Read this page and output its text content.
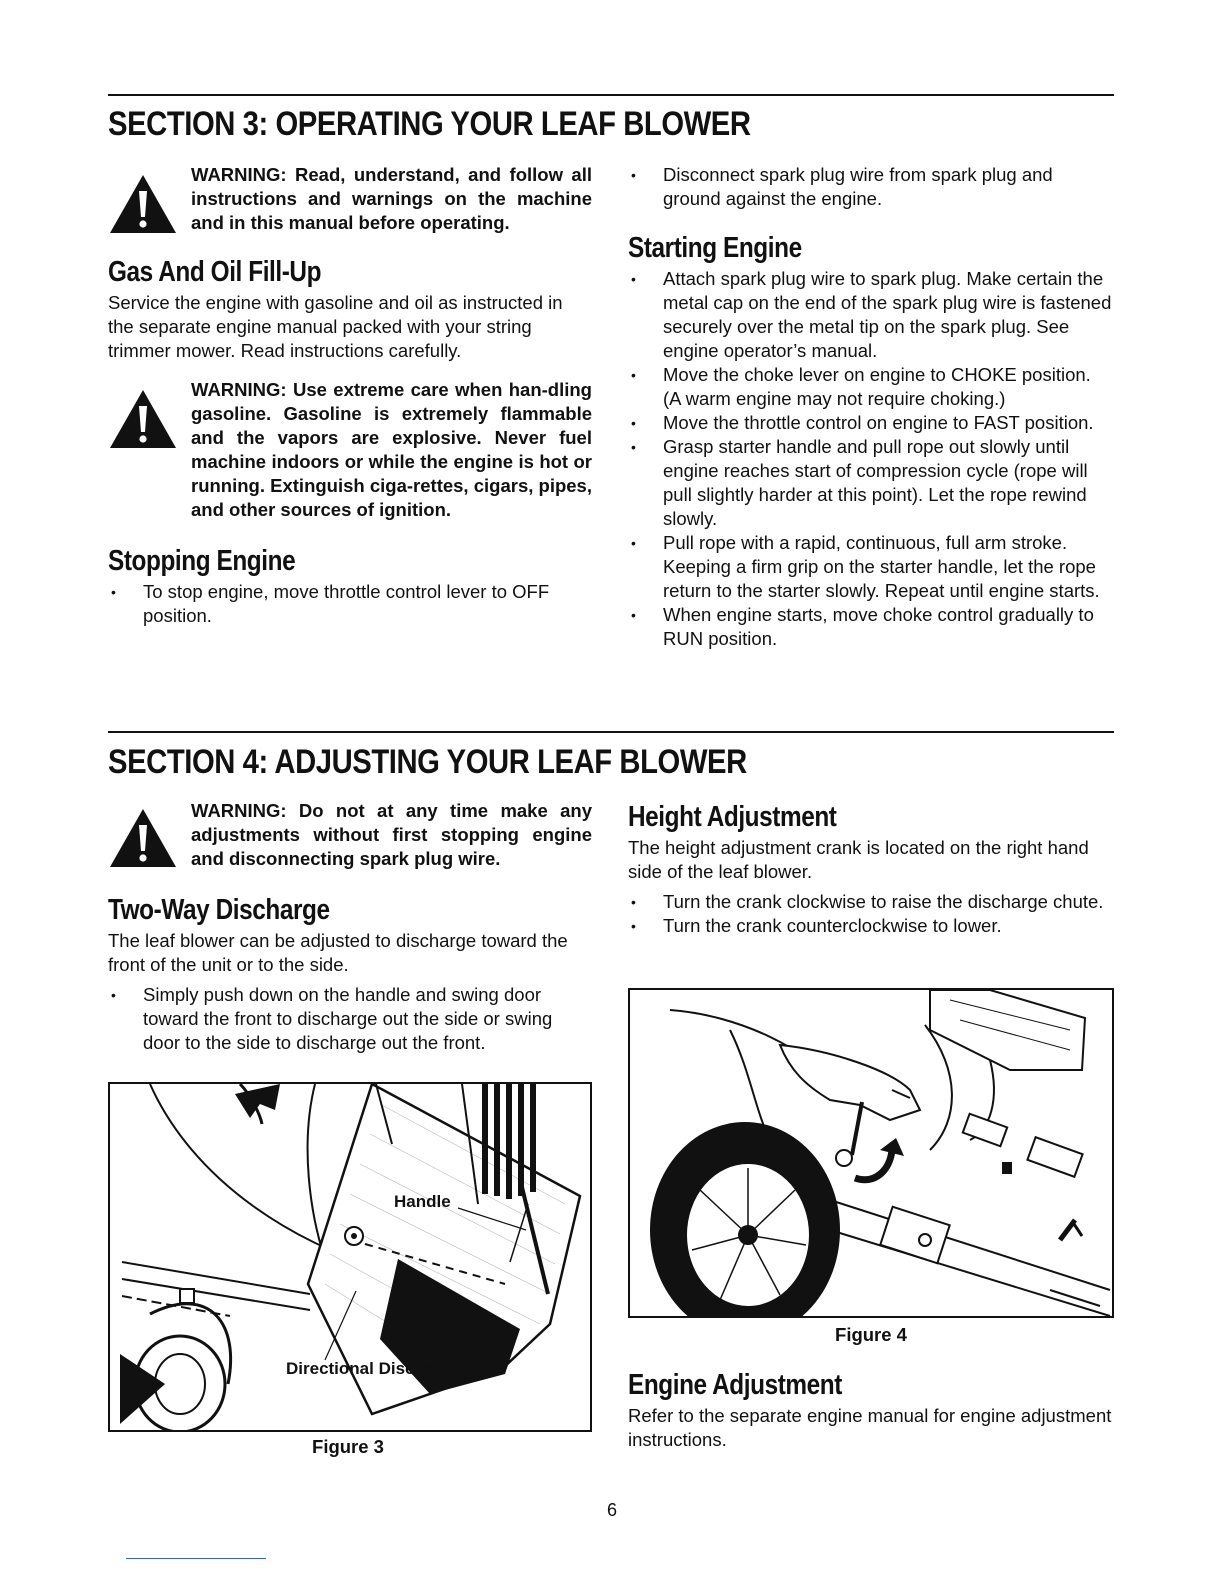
SECTION 3: OPERATING YOUR LEAF BLOWER

WARNING: Read, understand, and follow all instructions and warnings on the machine and in this manual before operating.

Gas And Oil Fill-Up

Service the engine with gasoline and oil as instructed in the separate engine manual packed with your string trimmer mower. Read instructions carefully.

WARNING: Use extreme care when han-dling gasoline. Gasoline is extremely flammable and the vapors are explosive. Never fuel machine indoors or while the engine is hot or running. Extinguish ciga-rettes, cigars, pipes, and other sources of ignition.

Stopping Engine
• To stop engine, move throttle control lever to OFF position.
• Disconnect spark plug wire from spark plug and ground against the engine.
Starting Engine
• Attach spark plug wire to spark plug. Make certain the metal cap on the end of the spark plug wire is fastened securely over the metal tip on the spark plug. See engine operator’s manual.
• Move the choke lever on engine to CHOKE position. (A warm engine may not require choking.)
• Move the throttle control on engine to FAST position.
• Grasp starter handle and pull rope out slowly until engine reaches start of compression cycle (rope will pull slightly harder at this point). Let the rope rewind slowly.
• Pull rope with a rapid, continuous, full arm stroke. Keeping a firm grip on the starter handle, let the rope return to the starter slowly. Repeat until engine starts.
• When engine starts, move choke control gradually to RUN position.
SECTION 4: ADJUSTING YOUR LEAF BLOWER

WARNING: Do not at any time make any adjustments without first stopping engine and disconnecting spark plug wire.

Two-Way Discharge

The leaf blower can be adjusted to discharge toward the front of the unit or to the side.

• Simply push down on the handle and swing door toward the front to discharge out the side or swing door to the side to discharge out the front.
Handle
Directional Discharge
Figure 3
Height Adjustment

The height adjustment crank is located on the right hand side of the leaf blower.

• Turn the crank clockwise to raise the discharge chute.
• Turn the crank counterclockwise to lower.
Figure 4
Engine Adjustment

Refer to the separate engine manual for engine adjustment instructions.

6
